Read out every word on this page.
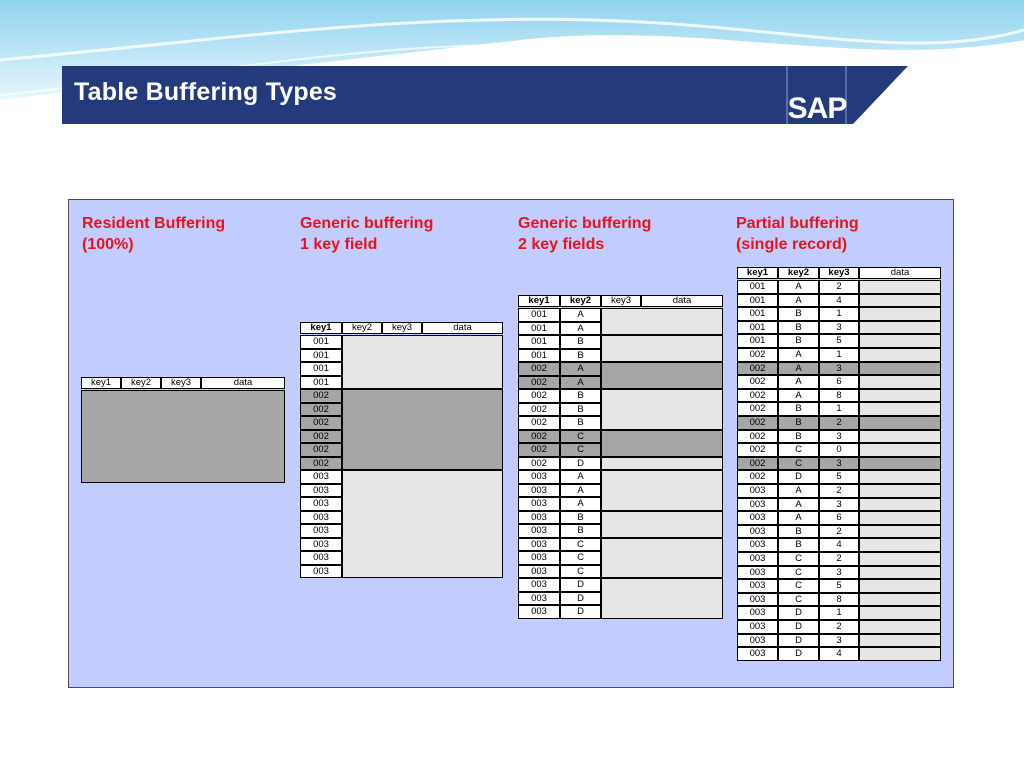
Table Buffering Types	SAP
Resident Buffering
(100%)
Generic buffering
1 key field
Generic buffering
2 key fields
Partial buffering
(single record)
key1	key2	key3	data
key1	key2	key3	data
001
001
001
001
002
002
002
002
002
002
003
003
003
003
003
003
003
003
key1	key2	key3	data
001	A
001	A
001	B
001	B
002	A
002	A
002	B
002	B
002	B
002	C
002	C
002	D
003	A
003	A
003	A
003	B
003	B
003	C
003	C
003	C
003	D
003	D
003	D
key1	key2	key3	data
001	A	2
001	A	4
001	B	1
001	B	3
001	B	5
002	A	1
002	A	3
002	A	6
002	A	8
002	B	1
002	B	2
002	B	3
002	C	0
002	C	3
002	D	5
003	A	2
003	A	3
003	A	6
003	B	2
003	B	4
003	C	2
003	C	3
003	C	5
003	C	8
003	D	1
003	D	2
003	D	3
003	D	4
